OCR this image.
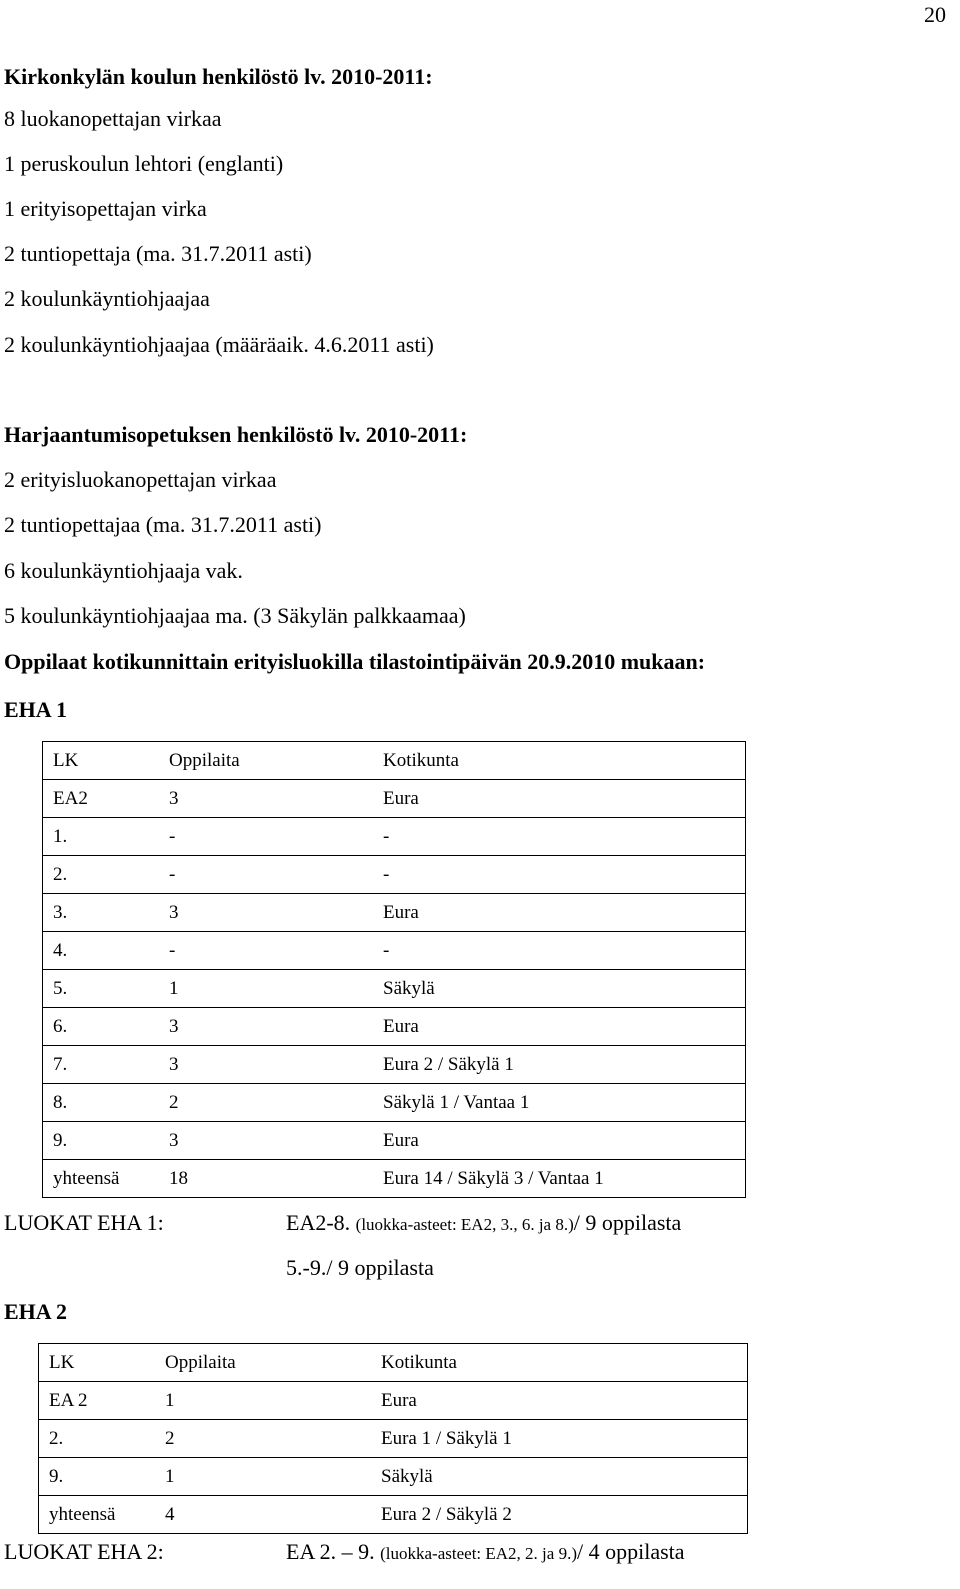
20
Kirkonkylän koulun henkilöstö lv. 2010-2011:
8 luokanopettajan virkaa
1 peruskoulun lehtori (englanti)
1 erityisopettajan virka
2 tuntiopettaja (ma. 31.7.2011 asti)
2 koulunkäyntiohjaajaa
2 koulunkäyntiohjaajaa (määräaik. 4.6.2011 asti)
Harjaantumisopetuksen henkilöstö lv. 2010-2011:
2 erityisluokanopettajan virkaa
2 tuntiopettajaa (ma. 31.7.2011 asti)
6 koulunkäyntiohjaaja vak.
5 koulunkäyntiohjaajaa ma. (3 Säkylän palkkaamaa)
Oppilaat kotikunnittain erityisluokilla tilastointipäivän 20.9.2010 mukaan:
EHA 1
LK	Oppilaita	Kotikunta
EA2	3	Eura
1.	-	-
2.	-	-
3.	3	Eura
4.	-	-
5.	1	Säkylä
6.	3	Eura
7.	3	Eura 2 / Säkylä 1
8.	2	Säkylä 1 / Vantaa 1
9.	3	Eura
yhteensä	18	Eura 14 / Säkylä 3 / Vantaa 1
LUOKAT EHA 1:	EA2-8. (luokka-asteet: EA2, 3., 6. ja 8.)/ 9 oppilasta
5.-9./ 9 oppilasta
EHA 2
LK	Oppilaita	Kotikunta
EA 2	1	Eura
2.	2	Eura 1 / Säkylä 1
9.	1	Säkylä
yhteensä	4	Eura 2 / Säkylä 2
LUOKAT EHA 2:	EA 2. – 9. (luokka-asteet: EA2, 2. ja 9.)/ 4 oppilasta
